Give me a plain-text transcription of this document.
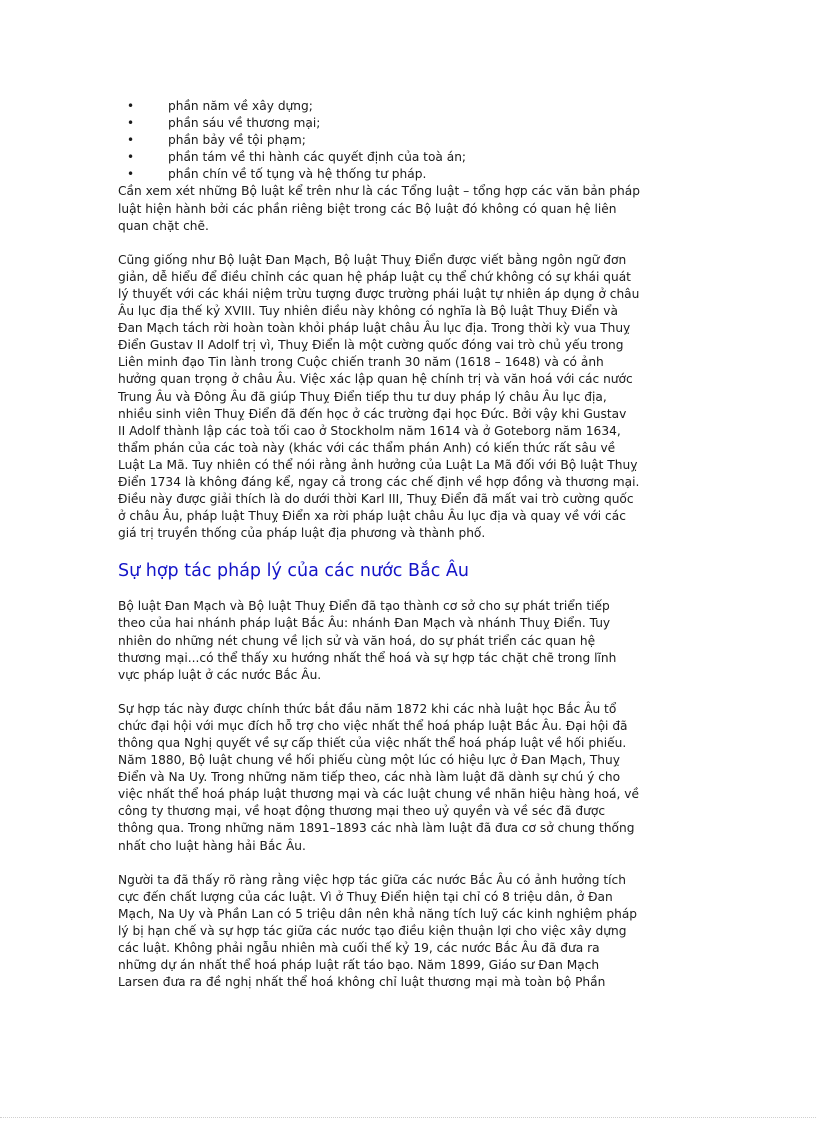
•	phần năm về xây dựng;
•	phần sáu về thương mại;
•	phần bảy về tội phạm;
•	phần tám về thi hành các quyết định của toà án;
•	phần chín về tố tụng và hệ thống tư pháp.

Cần xem xét những Bộ luật kể trên như là các Tổng luật – tổng hợp các văn bản pháp
luật hiện hành bởi các phần riêng biệt trong các Bộ luật đó không có quan hệ liên
quan chặt chẽ.

Cũng giống như Bộ luật Đan Mạch, Bộ luật Thuỵ Điển được viết bằng ngôn ngữ đơn
giản, dễ hiểu để điều chỉnh các quan hệ pháp luật cụ thể chứ không có sự khái quát
lý thuyết với các khái niệm trừu tượng được trường phái luật tự nhiên áp dụng ở châu
Âu lục địa thế kỷ XVIII. Tuy nhiên điều này không có nghĩa là Bộ luật Thuỵ Điển và
Đan Mạch tách rời hoàn toàn khỏi pháp luật châu Âu lục địa. Trong thời kỳ vua Thuỵ
Điển Gustav II Adolf trị vì, Thuỵ Điển là một cường quốc đóng vai trò chủ yếu trong
Liên minh đạo Tin lành trong Cuộc chiến tranh 30 năm (1618 – 1648) và có ảnh
hưởng quan trọng ở châu Âu. Việc xác lập quan hệ chính trị và văn hoá với các nước
Trung Âu và Đông Âu đã giúp Thuỵ Điển tiếp thu tư duy pháp lý châu Âu lục địa,
nhiều sinh viên Thuỵ Điển đã đến học ở các trường đại học Đức. Bởi vậy khi Gustav
II Adolf thành lập các toà tối cao ở Stockholm năm 1614 và ở Goteborg năm 1634,
thẩm phán của các toà này (khác với các thẩm phán Anh) có kiến thức rất sâu về
Luật La Mã. Tuy nhiên có thể nói rằng ảnh hưởng của Luật La Mã đối với Bộ luật Thuỵ
Điển 1734 là không đáng kể, ngay cả trong các chế định về hợp đồng và thương mại.
Điều này được giải thích là do dưới thời Karl III, Thuỵ Điển đã mất vai trò cường quốc
ở châu Âu, pháp luật Thuỵ Điển xa rời pháp luật châu Âu lục địa và quay về với các
giá trị truyền thống của pháp luật địa phương và thành phố.

Sự hợp tác pháp lý của các nước Bắc Âu

Bộ luật Đan Mạch và Bộ luật Thuỵ Điển đã tạo thành cơ sở cho sự phát triển tiếp
theo của hai nhánh pháp luật Bắc Âu: nhánh Đan Mạch và nhánh Thuỵ Điển. Tuy
nhiên do những nét chung về lịch sử và văn hoá, do sự phát triển các quan hệ
thương mại...có thể thấy xu hướng nhất thể hoá và sự hợp tác chặt chẽ trong lĩnh
vực pháp luật ở các nước Bắc Âu.

Sự hợp tác này được chính thức bắt đầu năm 1872 khi các nhà luật học Bắc Âu tổ
chức đại hội với mục đích hỗ trợ cho việc nhất thể hoá pháp luật Bắc Âu. Đại hội đã
thông qua Nghị quyết về sự cấp thiết của việc nhất thể hoá pháp luật về hối phiếu.
Năm 1880, Bộ luật chung về hối phiếu cùng một lúc có hiệu lực ở Đan Mạch, Thuỵ
Điển và Na Uy. Trong những năm tiếp theo, các nhà làm luật đã dành sự chú ý cho
việc nhất thể hoá pháp luật thương mại và các luật chung về nhãn hiệu hàng hoá, về
công ty thương mại, về hoạt động thương mại theo uỷ quyền và về séc đã được
thông qua. Trong những năm 1891–1893 các nhà làm luật đã đưa cơ sở chung thống
nhất cho luật hàng hải Bắc Âu.

Người ta đã thấy rõ ràng rằng việc hợp tác giữa các nước Bắc Âu có ảnh hưởng tích
cực đến chất lượng của các luật. Vì ở Thuỵ Điển hiện tại chỉ có 8 triệu dân, ở Đan
Mạch, Na Uy và Phần Lan có 5 triệu dân nên khả năng tích luỹ các kinh nghiệm pháp
lý bị hạn chế và sự hợp tác giữa các nước tạo điều kiện thuận lợi cho việc xây dựng
các luật. Không phải ngẫu nhiên mà cuối thế kỷ 19, các nước Bắc Âu đã đưa ra
những dự án nhất thể hoá pháp luật rất táo bạo. Năm 1899, Giáo sư Đan Mạch
Larsen đưa ra đề nghị nhất thể hoá không chỉ luật thương mại mà toàn bộ Phần
